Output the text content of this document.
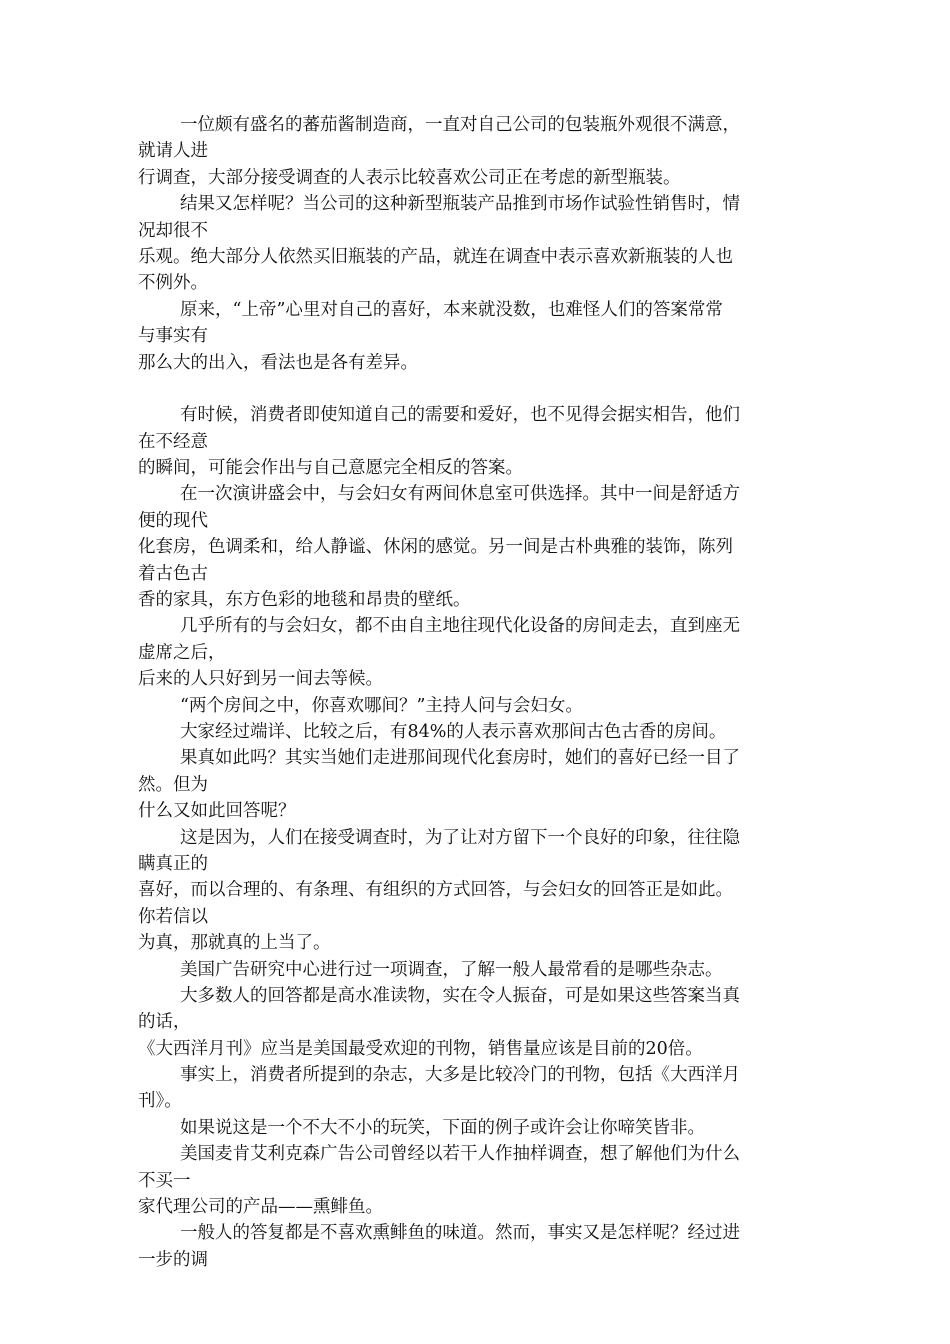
一位颇有盛名的蕃茄酱制造商，一直对自己公司的包装瓶外观很不满意，
就请人进
行调查，大部分接受调查的人表示比较喜欢公司正在考虑的新型瓶装。
结果又怎样呢？当公司的这种新型瓶装产品推到市场作试验性销售时，情
况却很不
乐观。绝大部分人依然买旧瓶装的产品，就连在调查中表示喜欢新瓶装的人也
不例外。
原来，“上帝”心里对自己的喜好，本来就没数，也难怪人们的答案常常
与事实有
那么大的出入，看法也是各有差异。
有时候，消费者即使知道自己的需要和爱好，也不见得会据实相告，他们
在不经意
的瞬间，可能会作出与自己意愿完全相反的答案。
在一次演讲盛会中，与会妇女有两间休息室可供选择。其中一间是舒适方
便的现代
化套房，色调柔和，给人静谧、休闲的感觉。另一间是古朴典雅的装饰，陈列
着古色古
香的家具，东方色彩的地毯和昂贵的壁纸。
几乎所有的与会妇女，都不由自主地往现代化设备的房间走去，直到座无
虚席之后，
后来的人只好到另一间去等候。
“两个房间之中，你喜欢哪间？”主持人问与会妇女。
大家经过端详、比较之后，有84%的人表示喜欢那间古色古香的房间。
果真如此吗？其实当她们走进那间现代化套房时，她们的喜好已经一目了
然。但为
什么又如此回答呢？
这是因为，人们在接受调查时，为了让对方留下一个良好的印象，往往隐
瞒真正的
喜好，而以合理的、有条理、有组织的方式回答，与会妇女的回答正是如此。
你若信以
为真，那就真的上当了。
美国广告研究中心进行过一项调查，了解一般人最常看的是哪些杂志。
大多数人的回答都是高水准读物，实在令人振奋，可是如果这些答案当真
的话，
《大西洋月刊》应当是美国最受欢迎的刊物，销售量应该是目前的20倍。
事实上，消费者所提到的杂志，大多是比较冷门的刊物，包括《大西洋月
刊》。
如果说这是一个不大不小的玩笑，下面的例子或许会让你啼笑皆非。
美国麦肯艾利克森广告公司曾经以若干人作抽样调查，想了解他们为什么
不买一
家代理公司的产品——熏鲱鱼。
一般人的答复都是不喜欢熏鲱鱼的味道。然而，事实又是怎样呢？经过进
一步的调
